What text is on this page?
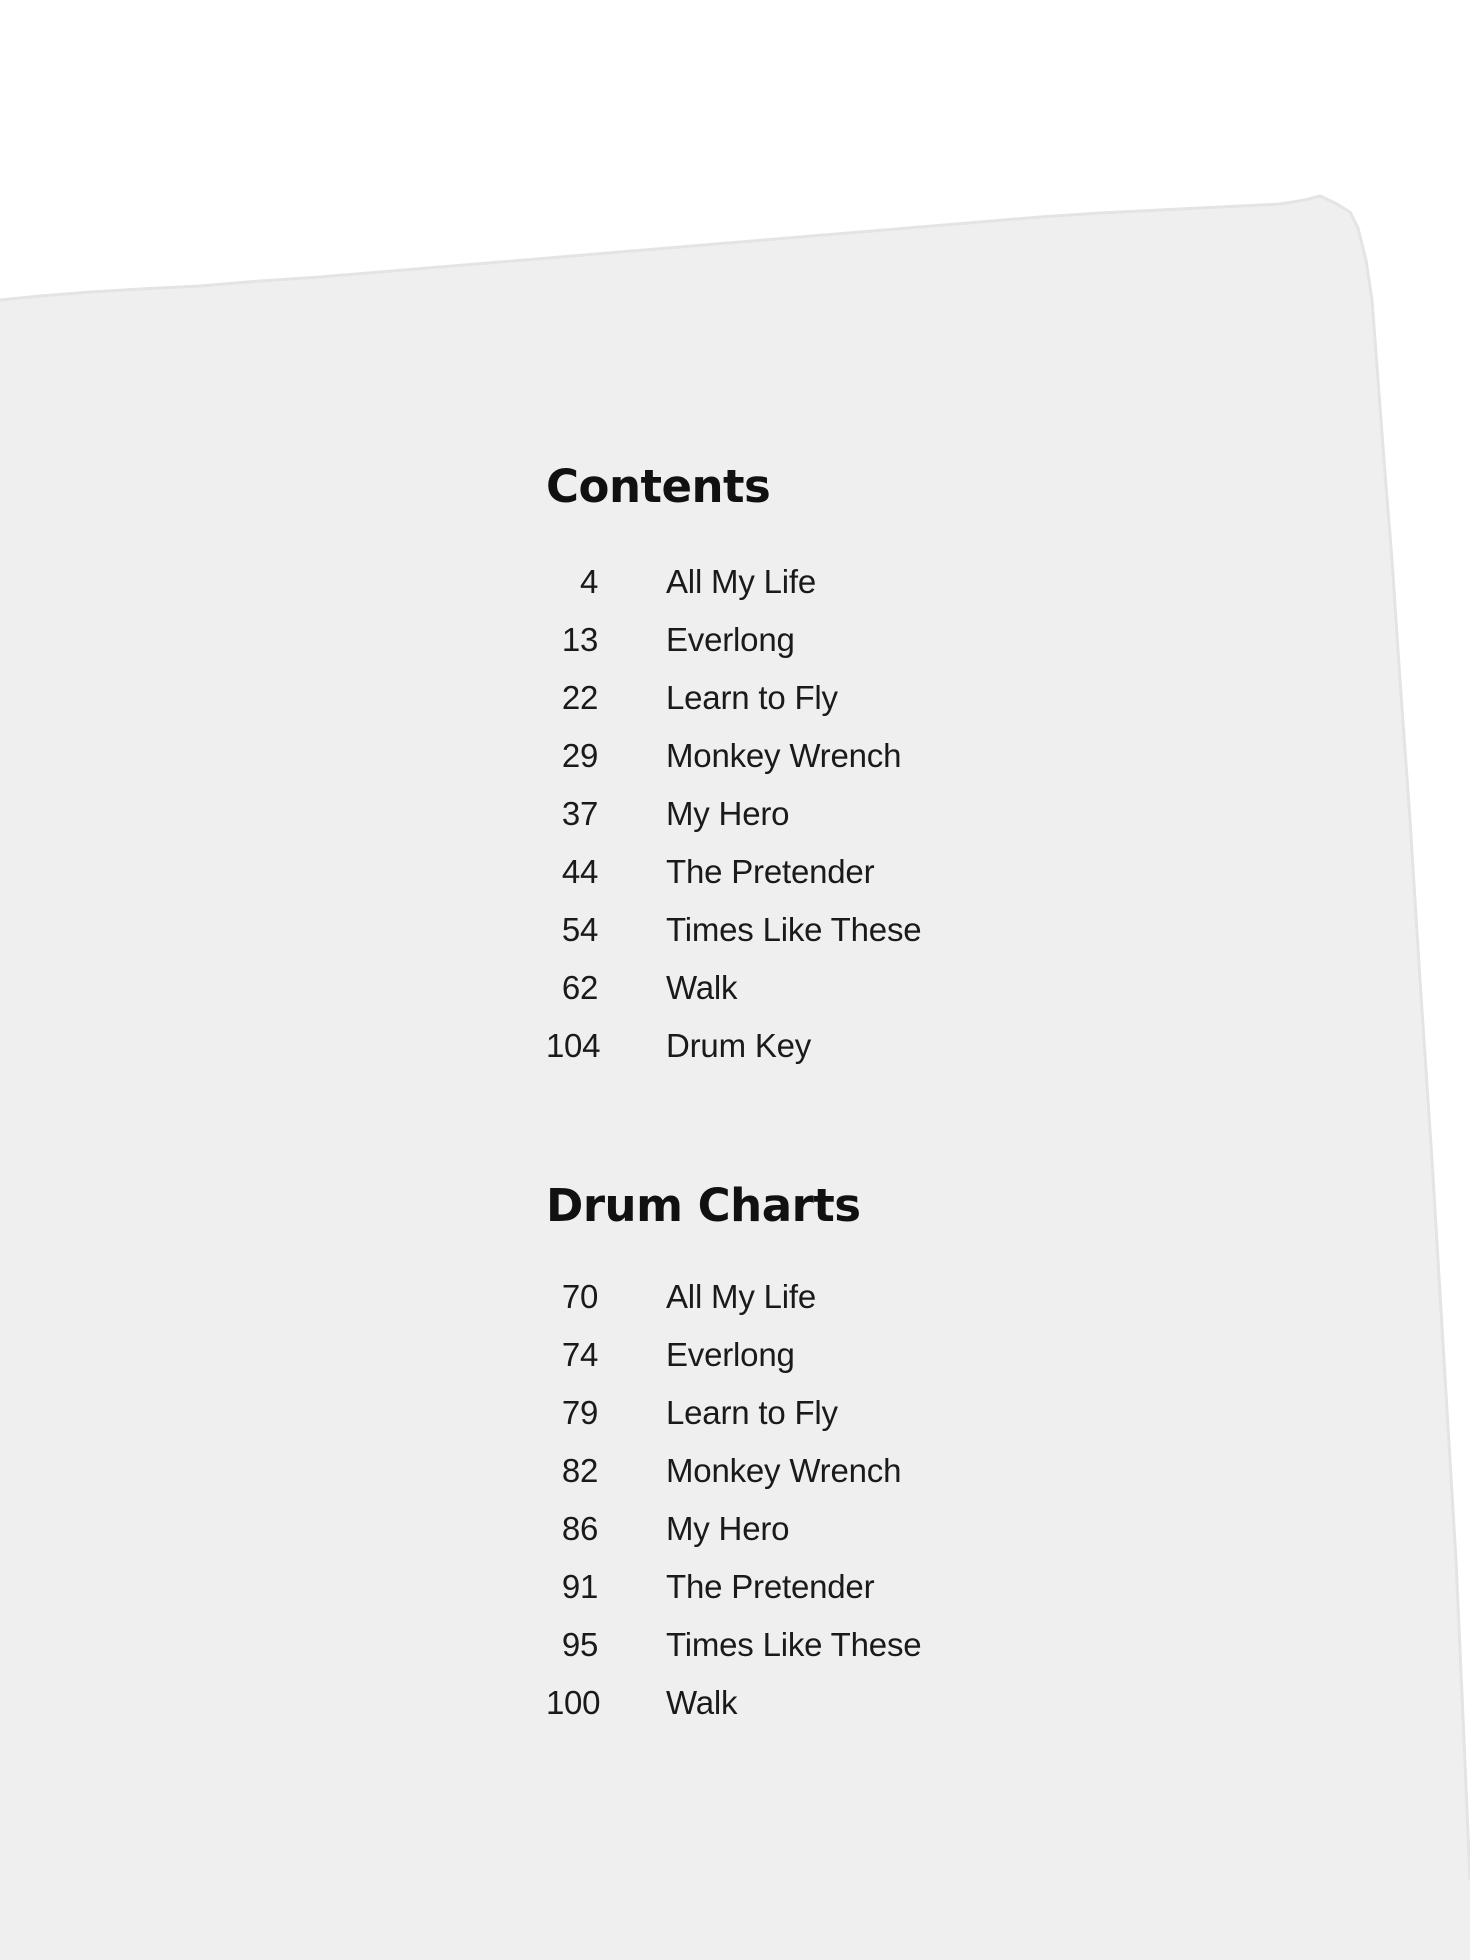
Contents
4 All My Life
13 Everlong
22 Learn to Fly
29 Monkey Wrench
37 My Hero
44 The Pretender
54 Times Like These
62 Walk
104 Drum Key
Drum Charts
70 All My Life
74 Everlong
79 Learn to Fly
82 Monkey Wrench
86 My Hero
91 The Pretender
95 Times Like These
100 Walk
